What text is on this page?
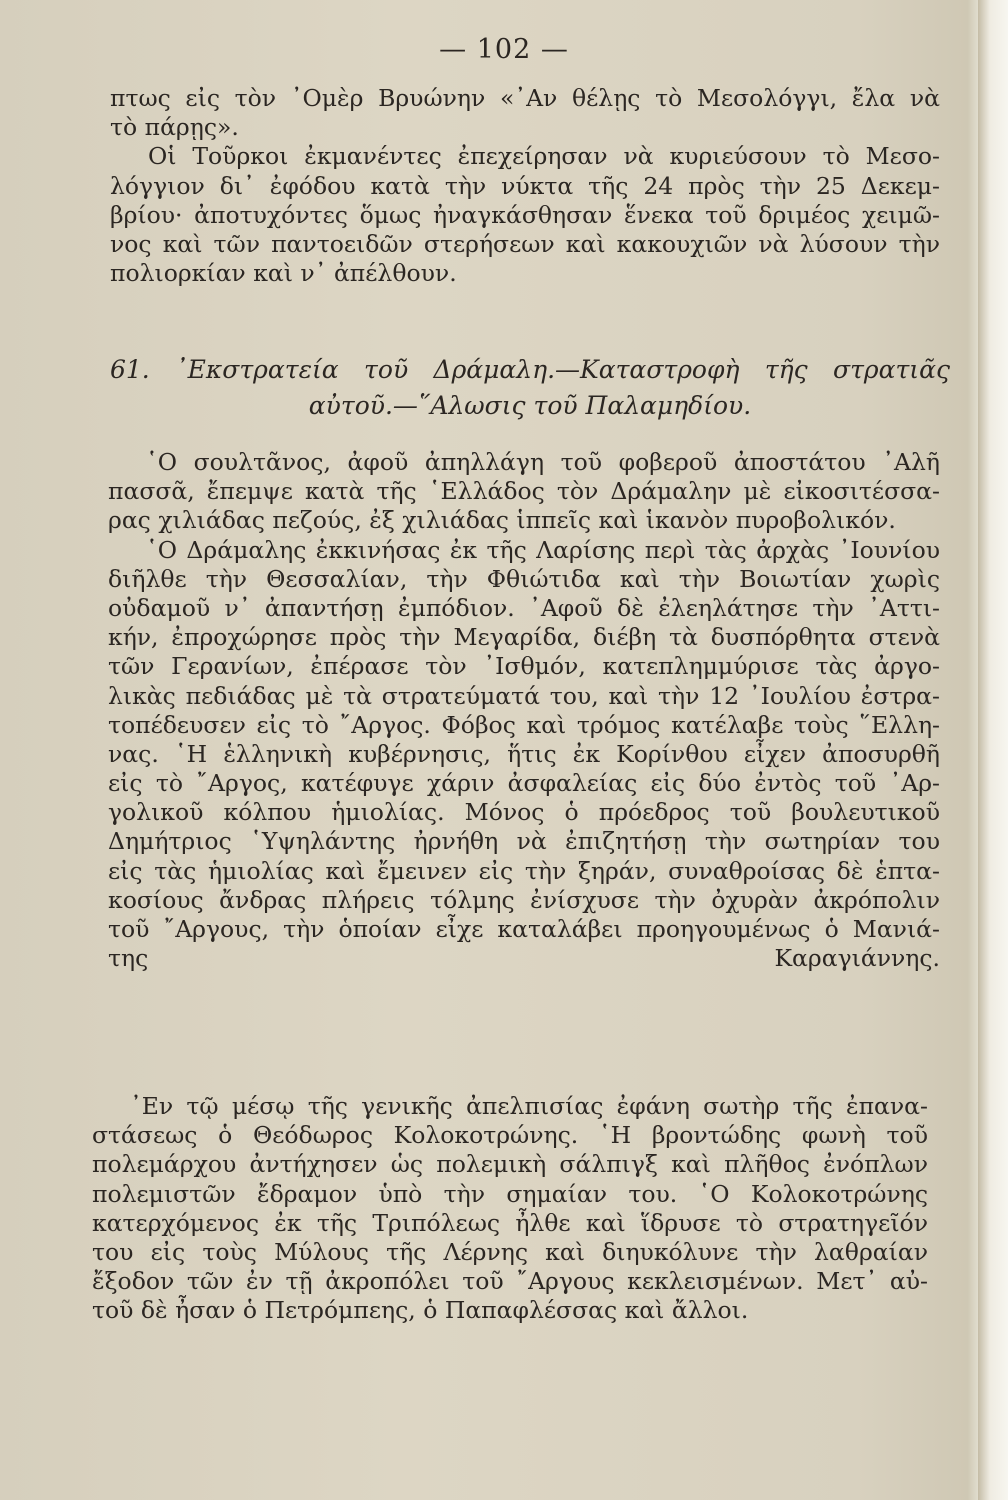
— 102 —
πτως εἰς τὸν ᾿Ομὲρ Βρυώνην «᾿Αν θέλῃς τὸ Μεσολόγγι, ἔλα νὰ
τὸ πάρῃς».
Οἱ Τοῦρκοι ἐκμανέντες ἐπεχείρησαν νὰ κυριεύσουν τὸ Μεσο-
λόγγιον δι᾿ ἐφόδου κατὰ τὴν νύκτα τῆς 24 πρὸς τὴν 25 Δεκεμ-
βρίου· ἀποτυχόντες ὅμως ἠναγκάσθησαν ἕνεκα τοῦ δριμέος χειμῶ-
νος καὶ τῶν παντοειδῶν στερήσεων καὶ κακουχιῶν νὰ λύσουν τὴν
πολιορκίαν καὶ ν᾿ ἀπέλθουν.
61. ᾿Εκστρατεία τοῦ Δράμαλη.—Καταστροφὴ τῆς στρατιᾶς
αὐτοῦ.—῞Αλωσις τοῦ Παλαμηδίου.
῾Ο σουλτᾶνος, ἀφοῦ ἀπηλλάγη τοῦ φοβεροῦ ἀποστάτου ᾿Αλῆ
πασσᾶ, ἔπεμψε κατὰ τῆς ῾Ελλάδος τὸν Δράμαλην μὲ εἰκοσιτέσσα-
ρας χιλιάδας πεζούς, ἐξ χιλιάδας ἱππεῖς καὶ ἱκανὸν πυροβολικόν.
῾Ο Δράμαλης ἐκκινήσας ἐκ τῆς Λαρίσης περὶ τὰς ἀρχὰς ᾿Ιουνίου
διῆλθε τὴν Θεσσαλίαν, τὴν Φθιώτιδα καὶ τὴν Βοιωτίαν χωρὶς
οὐδαμοῦ ν᾿ ἀπαντήσῃ ἐμπόδιον. ᾿Αφοῦ δὲ ἐλεηλάτησε τὴν ᾿Αττι-
κήν, ἐπροχώρησε πρὸς τὴν Μεγαρίδα, διέβη τὰ δυσπόρθητα στενὰ
τῶν Γερανίων, ἐπέρασε τὸν ᾿Ισθμόν, κατεπλημμύρισε τὰς ἀργο-
λικὰς πεδιάδας μὲ τὰ στρατεύματά του, καὶ τὴν 12 ᾿Ιουλίου ἐστρα-
τοπέδευσεν εἰς τὸ ῎Αργος. Φόβος καὶ τρόμος κατέλαβε τοὺς ῞Ελλη-
νας. ῾Η ἑλληνικὴ κυβέρνησις, ἥτις ἐκ Κορίνθου εἶχεν ἀποσυρθῆ
εἰς τὸ ῎Αργος, κατέφυγε χάριν ἀσφαλείας εἰς δύο ἐντὸς τοῦ ᾿Αρ-
γολικοῦ κόλπου ἡμιολίας. Μόνος ὁ πρόεδρος τοῦ βουλευτικοῦ
Δημήτριος ῾Υψηλάντης ἠρνήθη νὰ ἐπιζητήσῃ τὴν σωτηρίαν του
εἰς τὰς ἡμιολίας καὶ ἔμεινεν εἰς τὴν ξηράν, συναθροίσας δὲ ἑπτα-
κοσίους ἄνδρας πλήρεις τόλμης ἐνίσχυσε τὴν ὀχυρὰν ἀκρόπολιν
τοῦ ῎Αργους, τὴν ὁποίαν εἶχε καταλάβει προηγουμένως ὁ Μανιά-
της Καραγιάννης.
᾿Εν τῷ μέσῳ τῆς γενικῆς ἀπελπισίας ἐφάνη σωτὴρ τῆς ἐπανα-
στάσεως ὁ Θεόδωρος Κολοκοτρώνης. ῾Η βροντώδης φωνὴ τοῦ
πολεμάρχου ἀντήχησεν ὡς πολεμικὴ σάλπιγξ καὶ πλῆθος ἐνόπλων
πολεμιστῶν ἔδραμον ὑπὸ τὴν σημαίαν του. ῾Ο Κολοκοτρώνης
κατερχόμενος ἐκ τῆς Τριπόλεως ἦλθε καὶ ἵδρυσε τὸ στρατηγεῖόν
του εἰς τοὺς Μύλους τῆς Λέρνης καὶ διηυκόλυνε τὴν λαθραίαν
ἔξοδον τῶν ἐν τῇ ἀκροπόλει τοῦ ῎Αργους κεκλεισμένων. Μετ᾿ αὐ-
τοῦ δὲ ἦσαν ὁ Πετρόμπεης, ὁ Παπαφλέσσας καὶ ἄλλοι.
